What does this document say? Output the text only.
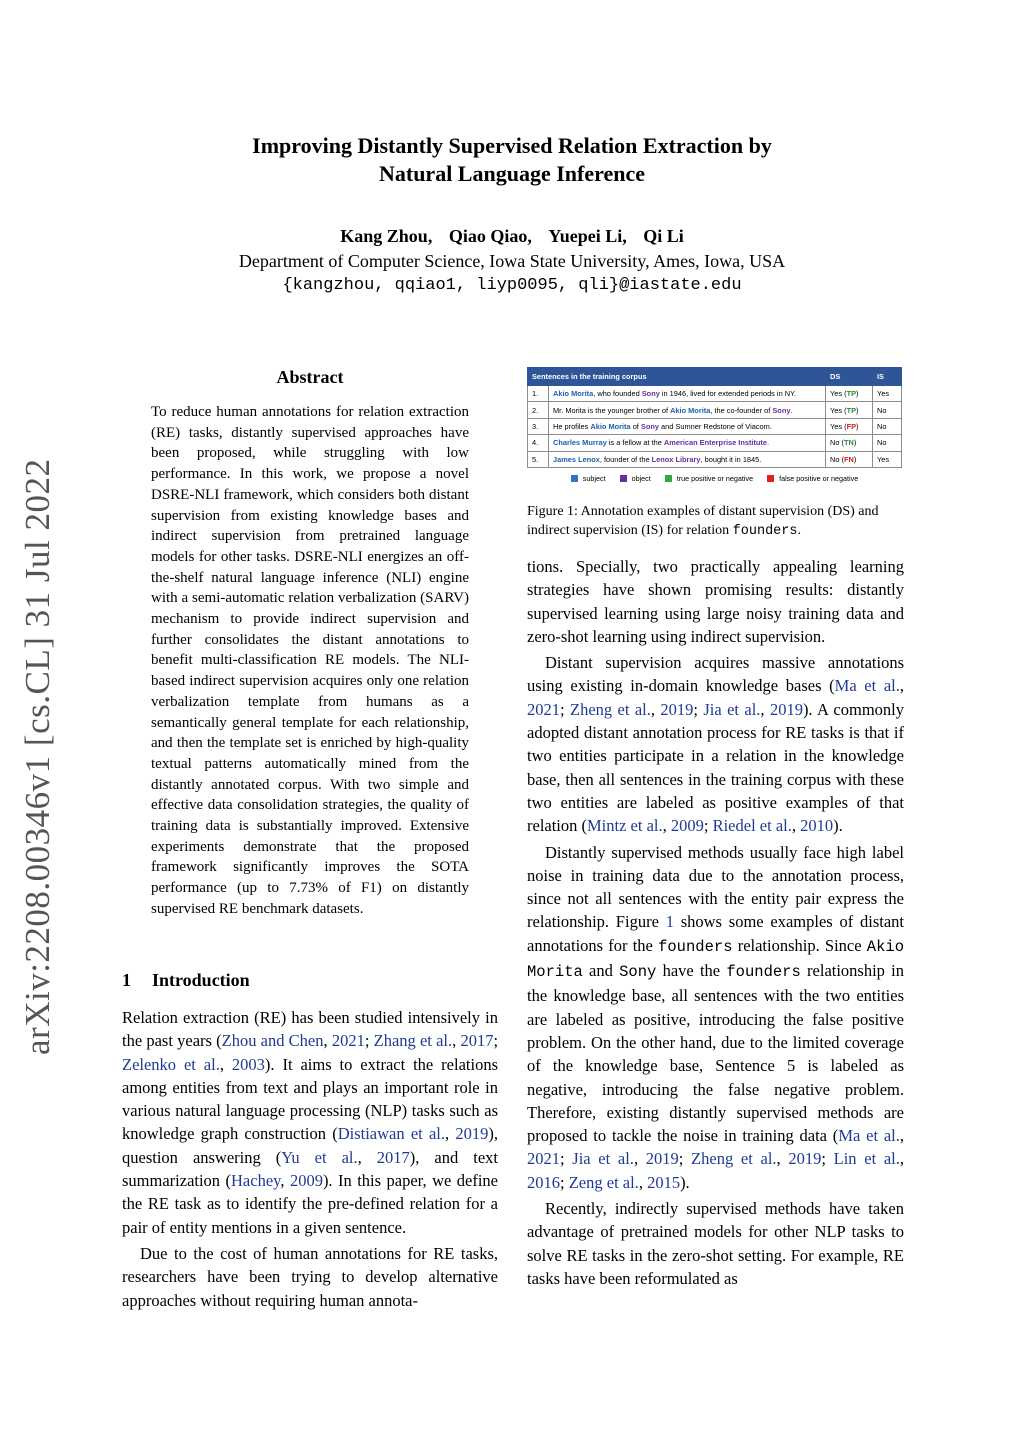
arXiv:2208.00346v1 [cs.CL] 31 Jul 2022
Improving Distantly Supervised Relation Extraction by
Natural Language Inference
Kang Zhou, Qiao Qiao, Yuepei Li, Qi Li
Department of Computer Science, Iowa State University, Ames, Iowa, USA
{kangzhou, qqiao1, liyp0095, qli}@iastate.edu
Abstract
To reduce human annotations for relation extraction (RE) tasks, distantly supervised approaches have been proposed, while struggling with low performance. In this work, we propose a novel DSRE-NLI framework, which considers both distant supervision from existing knowledge bases and indirect supervision from pretrained language models for other tasks. DSRE-NLI energizes an off-the-shelf natural language inference (NLI) engine with a semi-automatic relation verbalization (SARV) mechanism to provide indirect supervision and further consolidates the distant annotations to benefit multi-classification RE models. The NLI-based indirect supervision acquires only one relation verbalization template from humans as a semantically general template for each relationship, and then the template set is enriched by high-quality textual patterns automatically mined from the distantly annotated corpus. With two simple and effective data consolidation strategies, the quality of training data is substantially improved. Extensive experiments demonstrate that the proposed framework significantly improves the SOTA performance (up to 7.73% of F1) on distantly supervised RE benchmark datasets.
1 Introduction

Relation extraction (RE) has been studied intensively in the past years (Zhou and Chen, 2021; Zhang et al., 2017; Zelenko et al., 2003). It aims to extract the relations among entities from text and plays an important role in various natural language processing (NLP) tasks such as knowledge graph construction (Distiawan et al., 2019), question answering (Yu et al., 2017), and text summarization (Hachey, 2009). In this paper, we define the RE task as to identify the pre-defined relation for a pair of entity mentions in a given sentence.

Due to the cost of human annotations for RE tasks, researchers have been trying to develop alternative approaches without requiring human annota-

Sentences in the training corpus		DS	IS
1.	Akio Morita, who founded Sony in 1946, lived for extended periods in NY.	Yes (TP)	Yes
2.	Mr. Morita is the younger brother of Akio Morita, the co-founder of Sony.	Yes (TP)	No
3.	He profiles Akio Morita of Sony and Sumner Redstone of Viacom.	Yes (FP)	No
4.	Charles Murray is a fellow at the American Enterprise Institute.	No (TN)	No
5.	James Lenox, founder of the Lenox Library, bought it in 1845.	No (FN)	Yes
subject	object	true positive or negative	false positive or negative
Figure 1: Annotation examples of distant supervision (DS) and indirect supervision (IS) for relation founders.

tions. Specially, two practically appealing learning strategies have shown promising results: distantly supervised learning using large noisy training data and zero-shot learning using indirect supervision.

Distant supervision acquires massive annotations using existing in-domain knowledge bases (Ma et al., 2021; Zheng et al., 2019; Jia et al., 2019). A commonly adopted distant annotation process for RE tasks is that if two entities participate in a relation in the knowledge base, then all sentences in the training corpus with these two entities are labeled as positive examples of that relation (Mintz et al., 2009; Riedel et al., 2010).

Distantly supervised methods usually face high label noise in training data due to the annotation process, since not all sentences with the entity pair express the relationship. Figure 1 shows some examples of distant annotations for the founders relationship. Since Akio Morita and Sony have the founders relationship in the knowledge base, all sentences with the two entities are labeled as positive, introducing the false positive problem. On the other hand, due to the limited coverage of the knowledge base, Sentence 5 is labeled as negative, introducing the false negative problem. Therefore, existing distantly supervised methods are proposed to tackle the noise in training data (Ma et al., 2021; Jia et al., 2019; Zheng et al., 2019; Lin et al., 2016; Zeng et al., 2015).

Recently, indirectly supervised methods have taken advantage of pretrained models for other NLP tasks to solve RE tasks in the zero-shot setting. For example, RE tasks have been reformulated as
